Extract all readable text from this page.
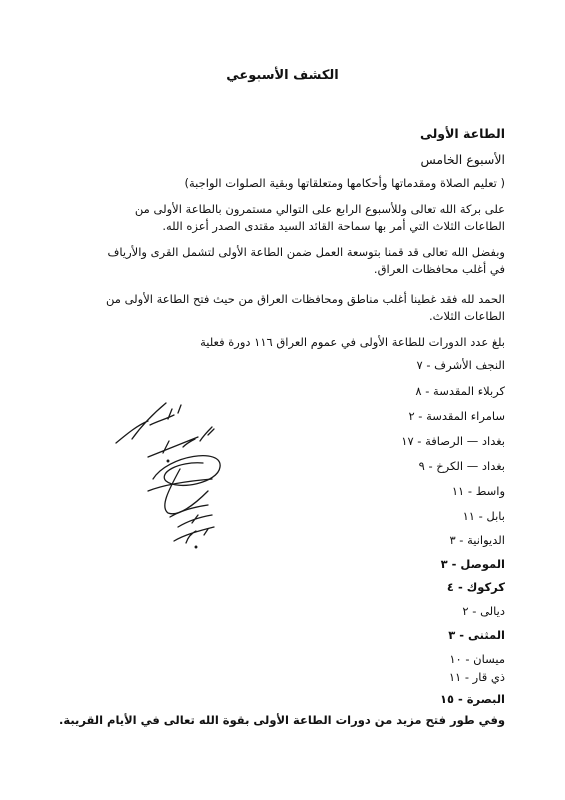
الكشف الأسبوعي

الطاعة الأولى

الأسبوع الخامس

( تعليم الصلاة ومقدماتها وأحكامها ومتعلقاتها وبقية الصلوات الواجبة)

على بركة الله تعالى وللأسبوع الرابع على التوالي مستمرون بالطاعة الأولى من

الطاعات الثلاث التي أمر بها سماحة القائد السيد مقتدى الصدر أعزه الله.

وبفضل الله تعالى قد قمنا بتوسعة العمل ضمن الطاعة الأولى لتشمل القرى والأرياف

في أغلب محافظات العراق.

الحمد لله فقد غطينا أغلب مناطق ومحافظات العراق من حيث فتح الطاعة الأولى من

الطاعات الثلاث.

بلغ عدد الدورات للطاعة الأولى في عموم العراق ١١٦ دورة فعلية

النجف الأشرف - ٧

كربلاء المقدسة - ٨

سامراء المقدسة - ٢

بغداد — الرصافة - ١٧

بغداد — الكرخ - ٩

واسط - ١١

بابل - ١١

الديوانية - ٣

الموصل - ٣

كركوك - ٤

ديالى - ٢

المثنى - ٣

ميسان - ١٠

ذي قار - ١١

البصرة - ١٥

وفي طور فتح مزيد من دورات الطاعة الأولى بقوة الله تعالى في الأيام القريبة.
